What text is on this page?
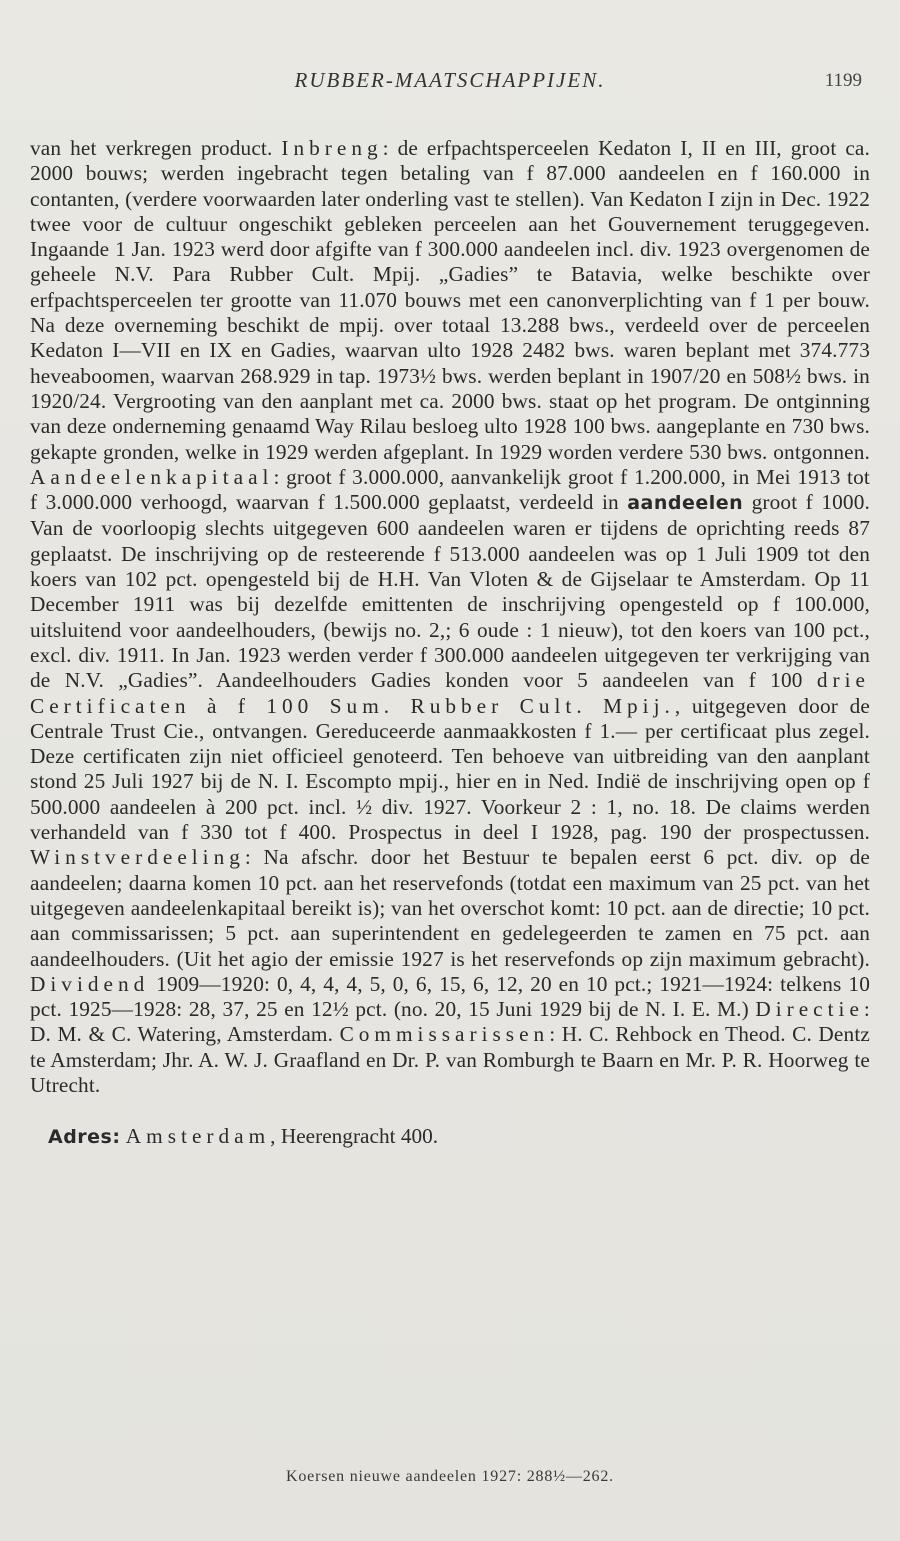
RUBBER-MAATSCHAPPIJEN.	1199

van het verkregen product. Inbreng: de erfpachtsperceelen Kedaton I, II en III, groot ca. 2000 bouws; werden ingebracht tegen betaling van f 87.000 aandeelen en f 160.000 in contanten, (verdere voorwaarden later onderling vast te stellen). Van Kedaton I zijn in Dec. 1922 twee voor de cultuur ongeschikt gebleken perceelen aan het Gouvernement teruggegeven. Ingaande 1 Jan. 1923 werd door afgifte van f 300.000 aandeelen incl. div. 1923 overgenomen de geheele N.V. Para Rubber Cult. Mpij. „Gadies” te Batavia, welke beschikte over erfpachtsperceelen ter grootte van 11.070 bouws met een canonverplichting van f 1 per bouw. Na deze overneming beschikt de mpij. over totaal 13.288 bws., verdeeld over de perceelen Kedaton I—VII en IX en Gadies, waarvan ulto 1928 2482 bws. waren beplant met 374.773 heveaboomen, waarvan 268.929 in tap. 1973½ bws. werden beplant in 1907/20 en 508½ bws. in 1920/24. Vergrooting van den aanplant met ca. 2000 bws. staat op het program. De ontginning van deze onderneming genaamd Way Rilau besloeg ulto 1928 100 bws. aangeplante en 730 bws. gekapte gronden, welke in 1929 werden afgeplant. In 1929 worden verdere 530 bws. ontgonnen. Aandeelenkapitaal: groot f 3.000.000, aanvankelijk groot f 1.200.000, in Mei 1913 tot f 3.000.000 verhoogd, waarvan f 1.500.000 geplaatst, verdeeld in aandeelen groot f 1000. Van de voorloopig slechts uitgegeven 600 aandeelen waren er tijdens de oprichting reeds 87 geplaatst. De inschrijving op de resteerende f 513.000 aandeelen was op 1 Juli 1909 tot den koers van 102 pct. opengesteld bij de H.H. Van Vloten & de Gijselaar te Amsterdam. Op 11 December 1911 was bij dezelfde emittenten de inschrijving opengesteld op f 100.000, uitsluitend voor aandeelhouders, (bewijs no. 2,; 6 oude : 1 nieuw), tot den koers van 100 pct., excl. div. 1911. In Jan. 1923 werden verder f 300.000 aandeelen uitgegeven ter verkrijging van de N.V. „Gadies”. Aandeelhouders Gadies konden voor 5 aandeelen van f 100 drie Certificaten à f 100 Sum. Rubber Cult. Mpij., uitgegeven door de Centrale Trust Cie., ontvangen. Gereduceerde aanmaakkosten f 1.— per certificaat plus zegel. Deze certificaten zijn niet officieel genoteerd. Ten behoeve van uitbreiding van den aanplant stond 25 Juli 1927 bij de N. I. Escompto mpij., hier en in Ned. Indië de inschrijving open op f 500.000 aandeelen à 200 pct. incl. ½ div. 1927. Voorkeur 2 : 1, no. 18. De claims werden verhandeld van f 330 tot f 400. Prospectus in deel I 1928, pag. 190 der prospectussen. Winstverdeeling: Na afschr. door het Bestuur te bepalen eerst 6 pct. div. op de aandeelen; daarna komen 10 pct. aan het reservefonds (totdat een maximum van 25 pct. van het uitgegeven aandeelenkapitaal bereikt is); van het overschot komt: 10 pct. aan de directie; 10 pct. aan commissarissen; 5 pct. aan superintendent en gedelegeerden te zamen en 75 pct. aan aandeelhouders. (Uit het agio der emissie 1927 is het reservefonds op zijn maximum gebracht). Dividend 1909—1920: 0, 4, 4, 4, 5, 0, 6, 15, 6, 12, 20 en 10 pct.; 1921—1924: telkens 10 pct. 1925—1928: 28, 37, 25 en 12½ pct. (no. 20, 15 Juni 1929 bij de N. I. E. M.) Directie: D. M. & C. Watering, Amsterdam. Commissarissen: H. C. Rehbock en Theod. C. Dentz te Amsterdam; Jhr. A. W. J. Graafland en Dr. P. van Romburgh te Baarn en Mr. P. R. Hoorweg te Utrecht.

Adres: Amsterdam, Heerengracht 400.
Koersen nieuwe aandeelen 1927: 288½—262.
